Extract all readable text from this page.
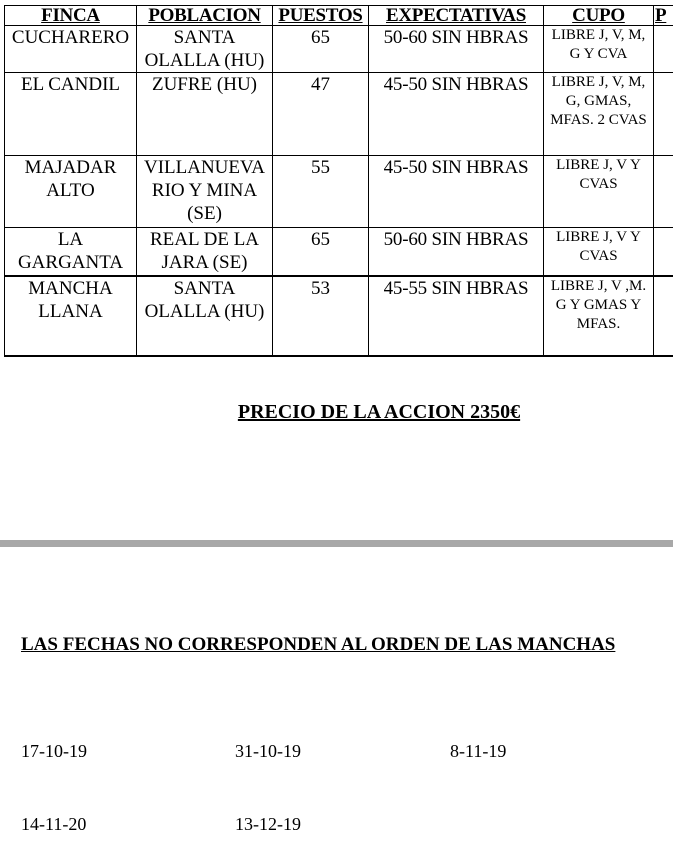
FINCA	POBLACION	PUESTOS	EXPECTATIVAS	CUPO	P
CUCHARERO	SANTA OLALLA (HU)	65	50-60 SIN HBRAS	LIBRE J, V, M, G Y CVA	
EL CANDIL	ZUFRE (HU)	47	45-50 SIN HBRAS	LIBRE J, V, M, G, GMAS, MFAS. 2 CVAS	
MAJADAR ALTO	VILLANUEVA RIO Y MINA (SE)	55	45-50 SIN HBRAS	LIBRE J, V Y CVAS	
LA GARGANTA	REAL DE LA JARA (SE)	65	50-60 SIN HBRAS	LIBRE J, V Y CVAS	
MANCHA LLANA	SANTA OLALLA (HU)	53	45-55 SIN HBRAS	LIBRE J, V ,M. G Y GMAS Y MFAS.	
PRECIO DE LA ACCION 2350€
LAS FECHAS NO CORRESPONDEN AL ORDEN DE LAS MANCHAS
17-10-19	31-10-19	8-11-19
14-11-20	13-12-19
